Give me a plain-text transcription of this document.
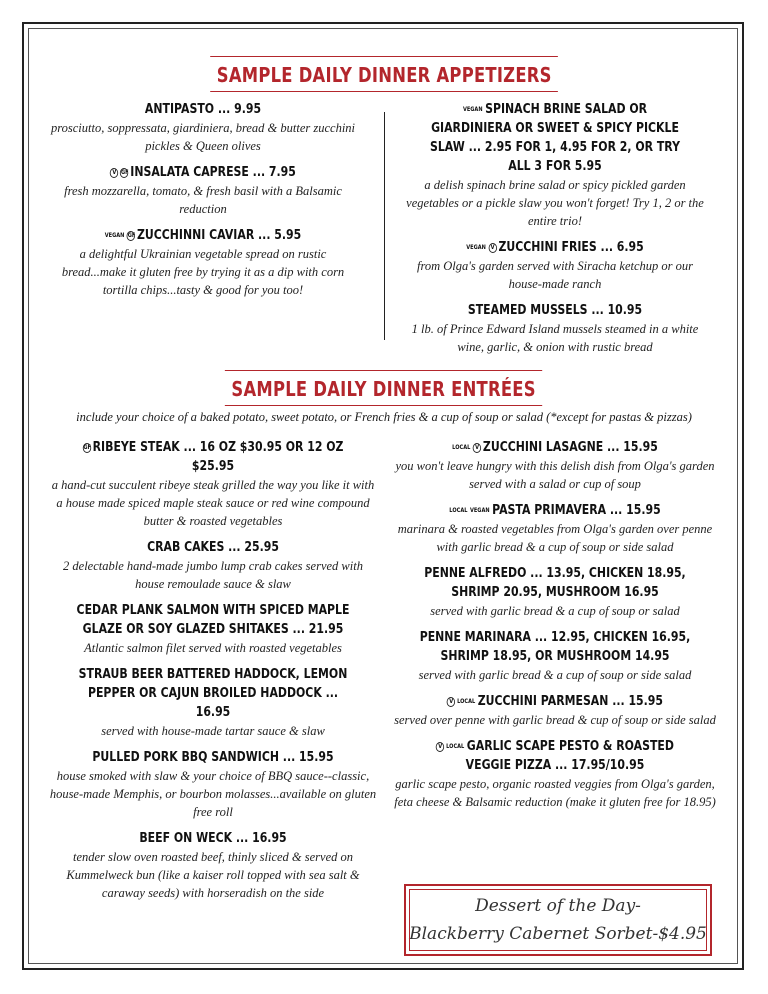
SAMPLE DAILY DINNER APPETIZERS
ANTIPASTO ... 9.95
prosciutto, soppressata, giardiniera, bread & butter zucchini pickles & Queen olives
V GF INSALATA CAPRESE ... 7.95
fresh mozzarella, tomato, & fresh basil with a Balsamic reduction
VEGAN GF ZUCCHINNI CAVIAR ... 5.95
a delightful Ukrainian vegetable spread on rustic bread...make it gluten free by trying it as a dip with corn tortilla chips...tasty & good for you too!
VEGAN SPINACH BRINE SALAD OR GIARDINIERA OR SWEET & SPICY PICKLE SLAW ... 2.95 FOR 1, 4.95 FOR 2, OR TRY ALL 3 FOR 5.95
a delish spinach brine salad or spicy pickled garden vegetables or a pickle slaw you won't forget! Try 1, 2 or the entire trio!
VEGAN V ZUCCHINI FRIES ... 6.95
from Olga's garden served with Siracha ketchup or our house-made ranch
STEAMED MUSSELS ... 10.95
1 lb. of Prince Edward Island mussels steamed in a white wine, garlic, & onion with rustic bread
SAMPLE DAILY DINNER ENTRÉES
include your choice of a baked potato, sweet potato, or French fries & a cup of soup or salad (*except for pastas & pizzas)
GF RIBEYE STEAK ... 16 OZ $30.95 OR 12 OZ $25.95
a hand-cut succulent ribeye steak grilled the way you like it with a house made spiced maple steak sauce or red wine compound butter & roasted vegetables
CRAB CAKES ... 25.95
2 delectable hand-made jumbo lump crab cakes served with house remoulade sauce & slaw
CEDAR PLANK SALMON WITH SPICED MAPLE GLAZE OR SOY GLAZED SHITAKES ... 21.95
Atlantic salmon filet served with roasted vegetables
STRAUB BEER BATTERED HADDOCK, LEMON PEPPER OR CAJUN BROILED HADDOCK ... 16.95
served with house-made tartar sauce & slaw
PULLED PORK BBQ SANDWICH ... 15.95
house smoked with slaw & your choice of BBQ sauce--classic, house-made Memphis, or bourbon molasses...available on gluten free roll
BEEF ON WECK ... 16.95
tender slow oven roasted beef, thinly sliced & served on Kummelweck bun (like a kaiser roll topped with sea salt & caraway seeds) with horseradish on the side
LOCAL V ZUCCHINI LASAGNE ... 15.95
you won't leave hungry with this delish dish from Olga's garden served with a salad or cup of soup
LOCAL VEGAN PASTA PRIMAVERA ... 15.95
marinara & roasted vegetables from Olga's garden over penne with garlic bread & a cup of soup or side salad
PENNE ALFREDO ... 13.95, CHICKEN 18.95, SHRIMP 20.95, MUSHROOM 16.95
served with garlic bread & a cup of soup or salad
PENNE MARINARA ... 12.95, CHICKEN 16.95, SHRIMP 18.95, OR MUSHROOM 14.95
served with garlic bread & a cup of soup or side salad
V LOCAL ZUCCHINI PARMESAN ... 15.95
served over penne with garlic bread & cup of soup or side salad
V LOCAL GARLIC SCAPE PESTO & ROASTED VEGGIE PIZZA ... 17.95/10.95
garlic scape pesto, organic roasted veggies from Olga's garden, feta cheese & Balsamic reduction (make it gluten free for 18.95)
Dessert of the Day-
Blackberry Cabernet Sorbet-$4.95
